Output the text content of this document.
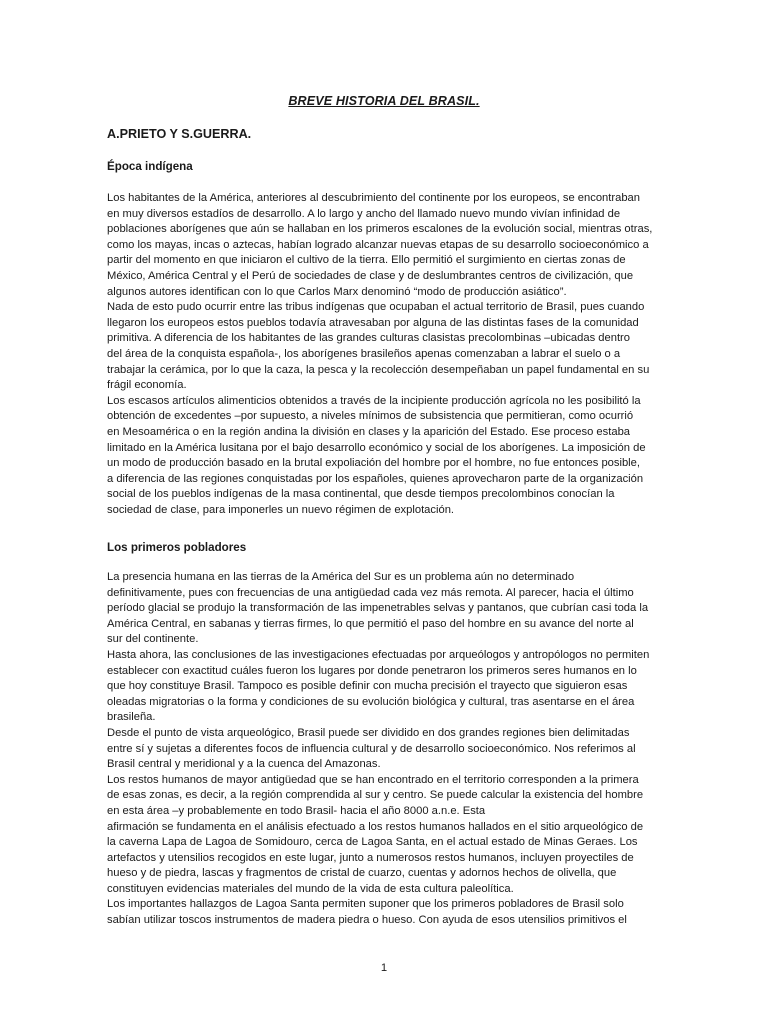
BREVE HISTORIA DEL BRASIL.
A.PRIETO Y S.GUERRA.
Época indígena
Los habitantes de la América, anteriores al descubrimiento del continente por los europeos, se encontraban
en muy diversos estadíos de desarrollo. A lo largo y ancho del llamado nuevo mundo vivían infinidad de
poblaciones aborígenes que aún se hallaban en los primeros escalones de la evolución social, mientras otras,
como los mayas, incas o aztecas, habían logrado alcanzar nuevas etapas de su desarrollo socioeconómico a
partir del momento en que iniciaron el cultivo de la tierra. Ello permitió el surgimiento en ciertas zonas de
México, América Central y el Perú de sociedades de clase y de deslumbrantes centros de civilización, que
algunos autores identifican con lo que Carlos Marx denominó “modo de producción asiático”.
Nada de esto pudo ocurrir entre las tribus indígenas que ocupaban el actual territorio de Brasil, pues cuando
llegaron los europeos estos pueblos todavía atravesaban por alguna de las distintas fases de la comunidad
primitiva. A diferencia de los habitantes de las grandes culturas clasistas precolombinas –ubicadas dentro
del área de la conquista española-, los aborígenes brasileños apenas comenzaban a labrar el suelo o a
trabajar la cerámica, por lo que la caza, la pesca y la recolección desempeñaban un papel fundamental en su
frágil economía.
Los escasos artículos alimenticios obtenidos a través de la incipiente producción agrícola no les posibilitó la
obtención de excedentes –por supuesto, a niveles mínimos de subsistencia que permitieran, como ocurrió
en Mesoamérica o en la región andina la división en clases y la aparición del Estado. Ese proceso estaba
limitado en la América lusitana por el bajo desarrollo económico y social de los aborígenes. La imposición de
un modo de producción basado en la brutal expoliación del hombre por el hombre, no fue entonces posible,
a diferencia de las regiones conquistadas por los españoles, quienes aprovecharon parte de la organización
social de los pueblos indígenas de la masa continental, que desde tiempos precolombinos conocían la
sociedad de clase, para imponerles un nuevo régimen de explotación.
Los primeros pobladores
La presencia humana en las tierras de la América del Sur es un problema aún no determinado
definitivamente, pues con frecuencias de una antigüedad cada vez más remota. Al parecer, hacia el último
período glacial se produjo la transformación de las impenetrables selvas y pantanos, que cubrían casi toda la
América Central, en sabanas y tierras firmes, lo que permitió el paso del hombre en su avance del norte al
sur del continente.
Hasta ahora, las conclusiones de las investigaciones efectuadas por arqueólogos y antropólogos no permiten
establecer con exactitud cuáles fueron los lugares por donde penetraron los primeros seres humanos en lo
que hoy constituye Brasil. Tampoco es posible definir con mucha precisión el trayecto que siguieron esas
oleadas migratorias o la forma y condiciones de su evolución biológica y cultural, tras asentarse en el área
brasileña.
Desde el punto de vista arqueológico, Brasil puede ser dividido en dos grandes regiones bien delimitadas
entre sí y sujetas a diferentes focos de influencia cultural y de desarrollo socioeconómico. Nos referimos al
Brasil central y meridional y a la cuenca del Amazonas.
Los restos humanos de mayor antigüedad que se han encontrado en el territorio corresponden a la primera
de esas zonas, es decir, a la región comprendida al sur y centro. Se puede calcular la existencia del hombre
en esta área –y probablemente en todo Brasil- hacia el año 8000 a.n.e. Esta
afirmación se fundamenta en el análisis efectuado a los restos humanos hallados en el sitio arqueológico de
la caverna Lapa de Lagoa de Somidouro, cerca de Lagoa Santa, en el actual estado de Minas Geraes. Los
artefactos y utensilios recogidos en este lugar, junto a numerosos restos humanos, incluyen proyectiles de
hueso y de piedra, lascas y fragmentos de cristal de cuarzo, cuentas y adornos hechos de olivella, que
constituyen evidencias materiales del mundo de la vida de esta cultura paleolítica.
Los importantes hallazgos de Lagoa Santa permiten suponer que los primeros pobladores de Brasil solo
sabían utilizar toscos instrumentos de madera piedra o hueso. Con ayuda de esos utensilios primitivos el
1
